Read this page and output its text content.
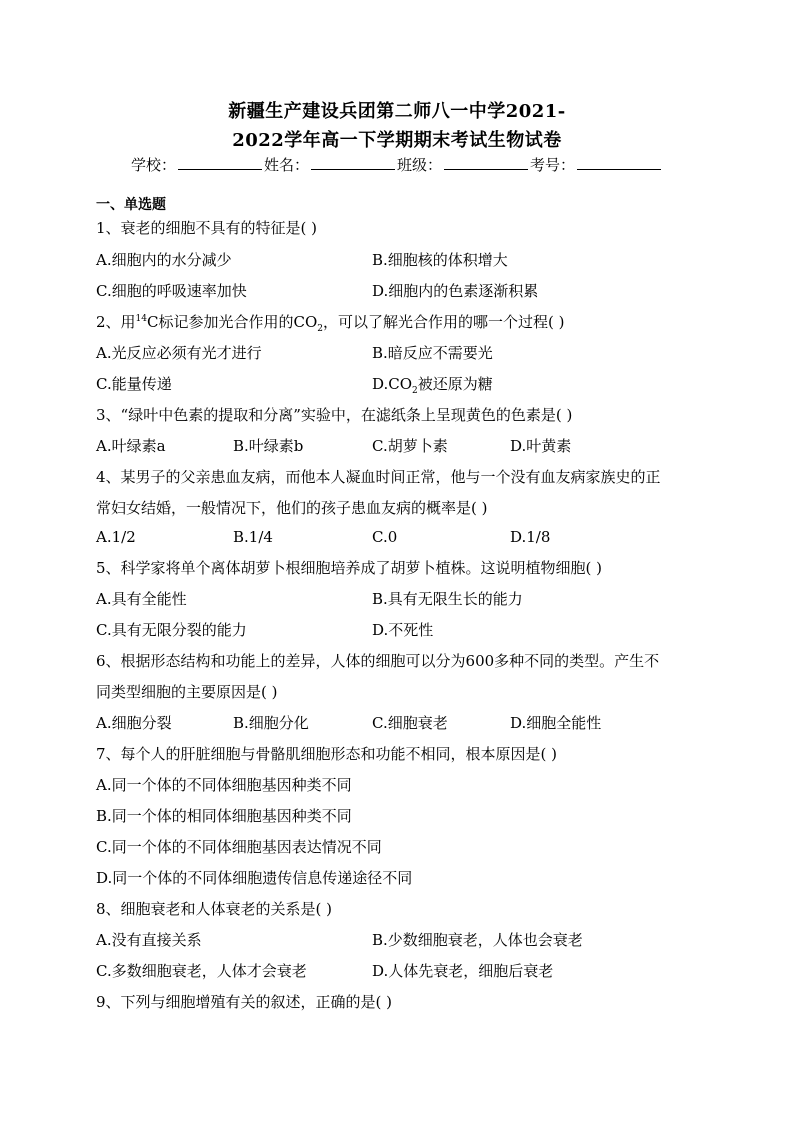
新疆生产建设兵团第二师八一中学2021-
2022学年高一下学期期末考试生物试卷
学校：	姓名：	班级：	考号：
一、单选题
1、衰老的细胞不具有的特征是( )
A.细胞内的水分减少	B.细胞核的体积增大
C.细胞的呼吸速率加快	D.细胞内的色素逐渐积累
2、用$^{14}$C标记参加光合作用的$CO_2$，可以了解光合作用的哪一个过程( )
A.光反应必须有光才进行	B.暗反应不需要光
C.能量传递	$D.CO_2$被还原为糖
3、“绿叶中色素的提取和分离”实验中，在滤纸条上呈现黄色的色素是( )
A.叶绿素a	B.叶绿素b	C.胡萝卜素	D.叶黄素
4、某男子的父亲患血友病，而他本人凝血时间正常，他与一个没有血友病家族史的正
常妇女结婚，一般情况下，他们的孩子患血友病的概率是( )
A.1/2	B.1/4	C.0	D.1/8
5、科学家将单个离体胡萝卜根细胞培养成了胡萝卜植株。这说明植物细胞( )
A.具有全能性	B.具有无限生长的能力
C.具有无限分裂的能力	D.不死性
6、根据形态结构和功能上的差异，人体的细胞可以分为600多种不同的类型。产生不
同类型细胞的主要原因是( )
A.细胞分裂	B.细胞分化	C.细胞衰老	D.细胞全能性
7、每个人的肝脏细胞与骨骼肌细胞形态和功能不相同，根本原因是( )
A.同一个体的不同体细胞基因种类不同
B.同一个体的相同体细胞基因种类不同
C.同一个体的不同体细胞基因表达情况不同
D.同一个体的不同体细胞遗传信息传递途径不同
8、细胞衰老和人体衰老的关系是( )
A.没有直接关系	B.少数细胞衰老，人体也会衰老
C.多数细胞衰老，人体才会衰老	D.人体先衰老，细胞后衰老
9、下列与细胞增殖有关的叙述，正确的是( )
